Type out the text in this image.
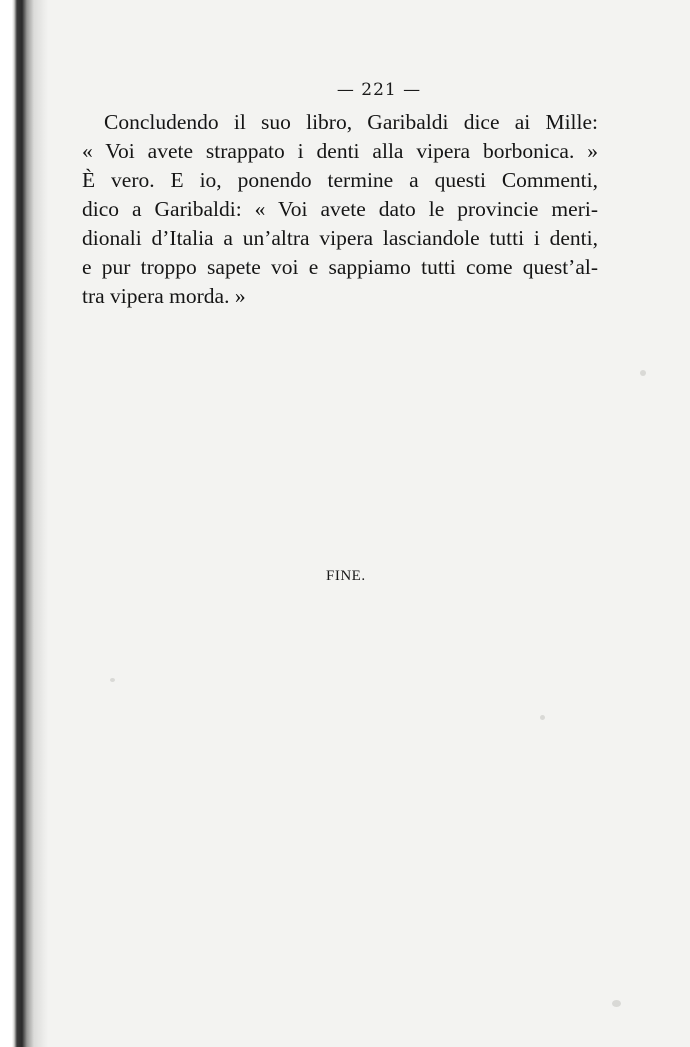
— 221 —
Concludendo il suo libro, Garibaldi dice ai Mille:
« Voi avete strappato i denti alla vipera borbonica. »
È vero. E io, ponendo termine a questi Commenti,
dico a Garibaldi: « Voi avete dato le provincie meri-
dionali d’Italia a un’altra vipera lasciandole tutti i denti,
e pur troppo sapete voi e sappiamo tutti come quest’al-
tra vipera morda. »
FINE.
